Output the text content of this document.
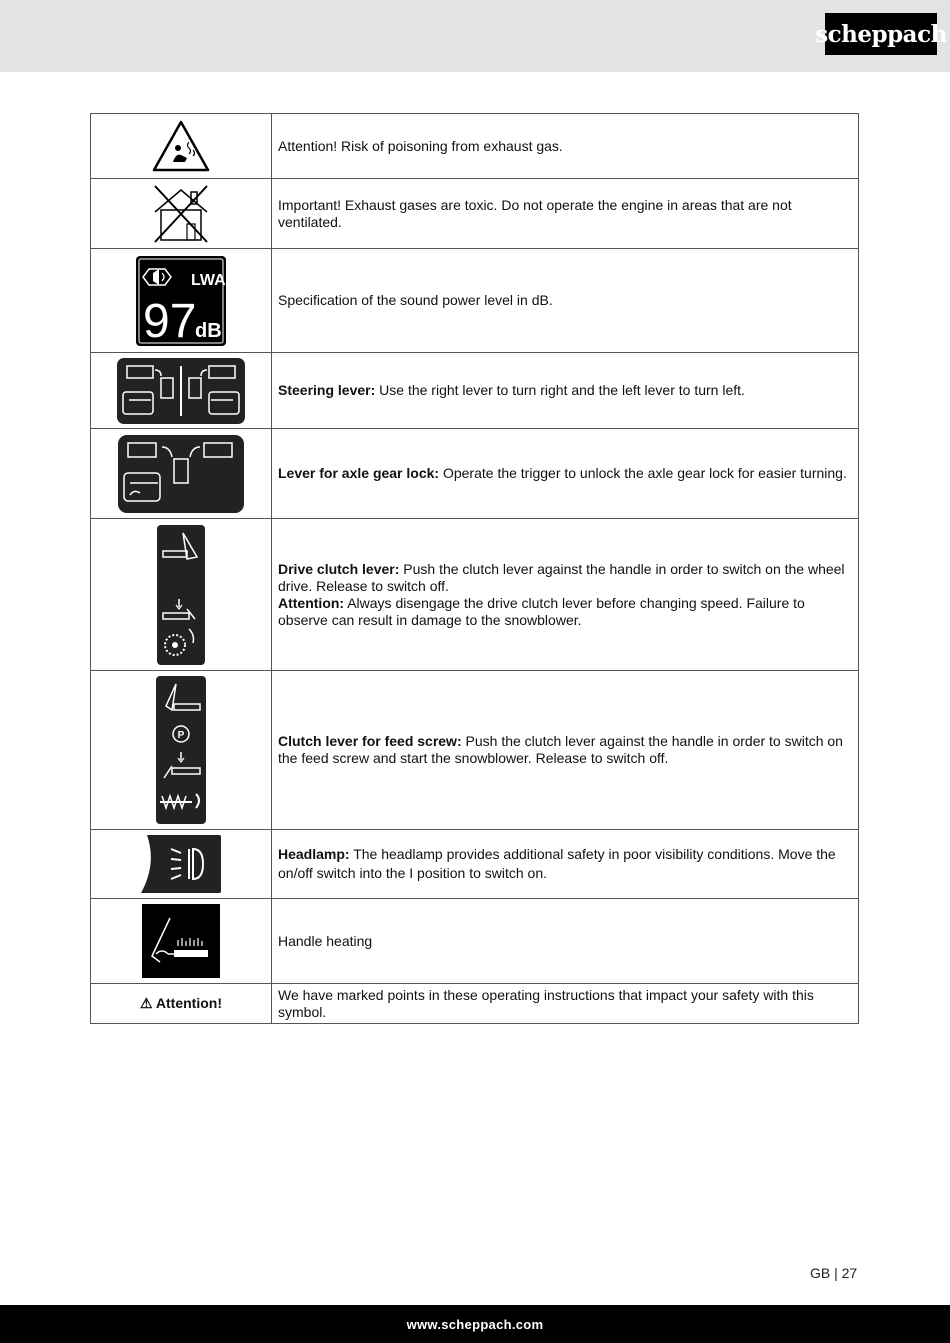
scheppach
	Attention! Risk of poisoning from exhaust gas.

	Important! Exhaust gases are toxic. Do not operate the engine in areas that are not ventilated.

LWA
97
dB	Specification of the sound power level in dB.

	Steering lever: Use the right lever to turn right and the left lever to turn left.

	Lever for axle gear lock: Operate the trigger to unlock the axle gear lock for easier turning.

	Drive clutch lever: Push the clutch lever against the handle in order to switch on the wheel drive. Release to switch off.
Attention: Always disengage the drive clutch lever before changing speed. Failure to observe can result in damage to the snowblower.

P	Clutch lever for feed screw: Push the clutch lever against the handle in order to switch on the feed screw and start the snowblower. Release to switch off.

	Headlamp: The headlamp provides additional safety in poor visibility conditions. Move the on/off switch into the I position to switch on.

	Handle heating
⚠ Attention!	We have marked points in these operating instructions that impact your safety with this symbol.
GB | 27
www.scheppach.com
